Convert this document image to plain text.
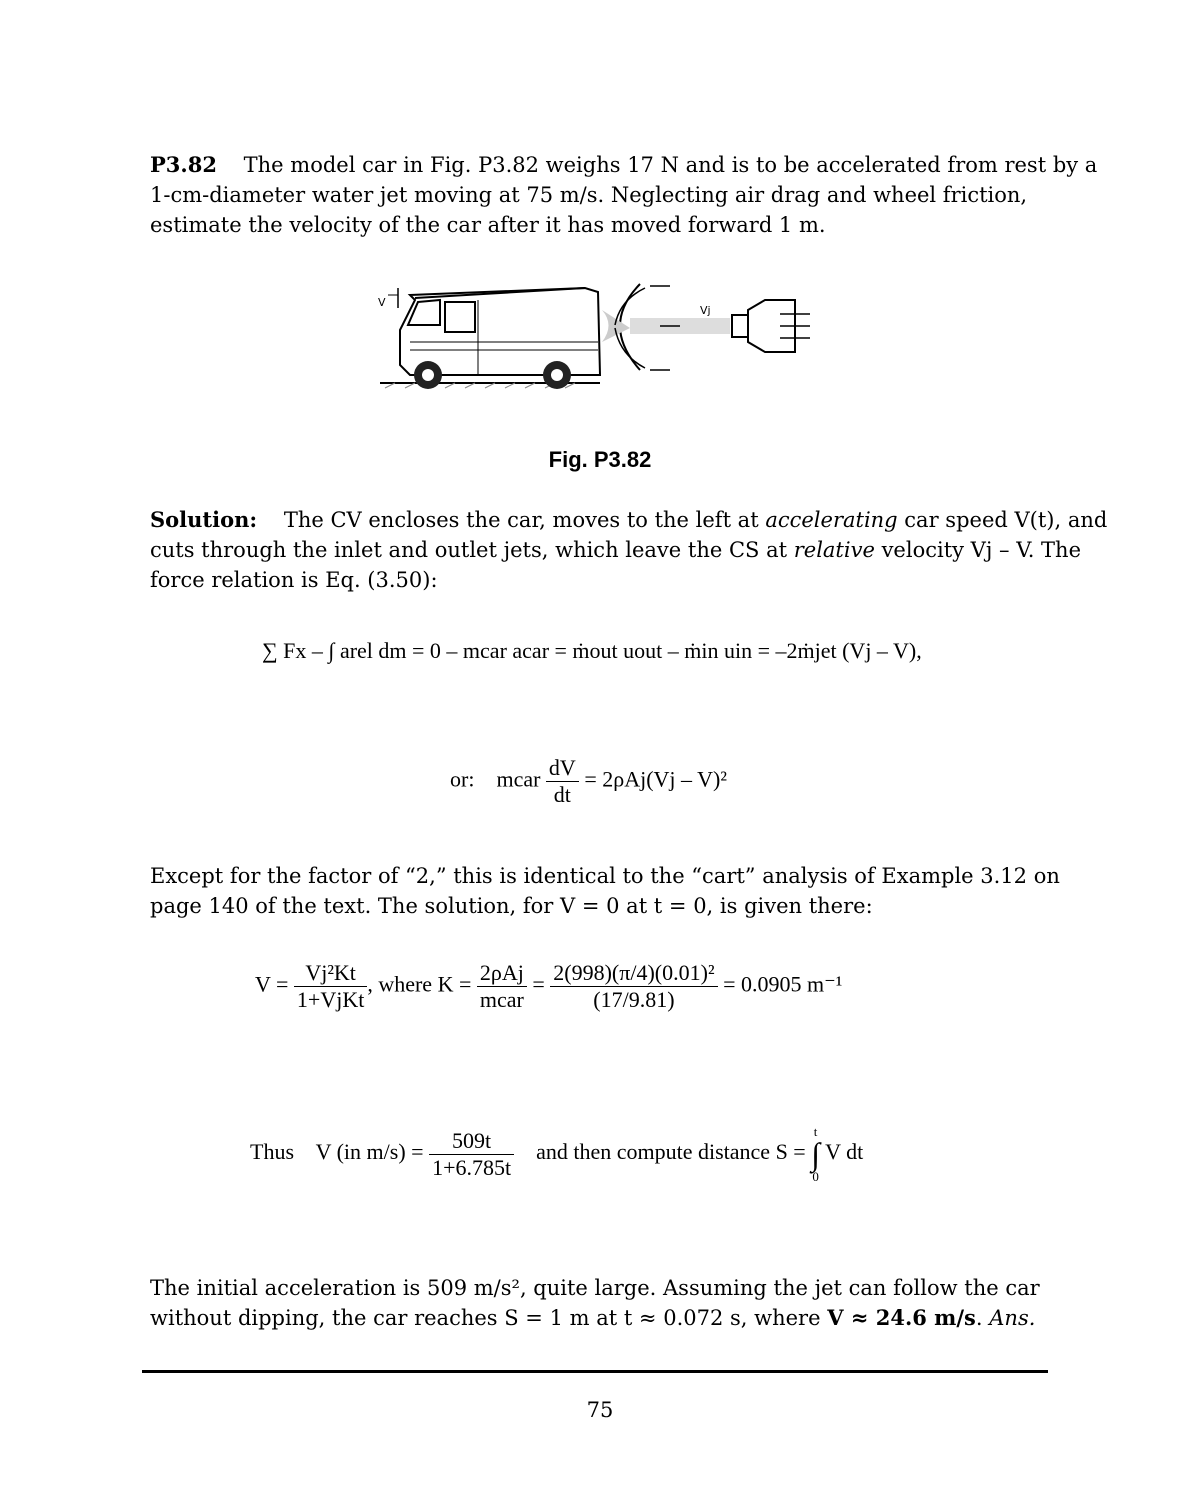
P3.82 The model car in Fig. P3.82 weighs 17 N and is to be accelerated from rest by a
1-cm-diameter water jet moving at 75 m/s. Neglecting air drag and wheel friction,
estimate the velocity of the car after it has moved forward 1 m.
V
Vj
Fig. P3.82
Solution: The CV encloses the car, moves to the left at accelerating car speed V(t), and
cuts through the inlet and outlet jets, which leave the CS at relative velocity Vj – V. The
force relation is Eq. (3.50):
∑ Fx – ∫ arel dm = 0 – mcar acar = ṁout uout – ṁin uin = –2ṁjet (Vj – V),
or: mcar $\frac{dV}{dt} = 2\rho Aj(Vj - V)^2$
Except for the factor of “2,” this is identical to the “cart” analysis of Example 3.12 on
page 140 of the text. The solution, for V = 0 at t = 0, is given there:
$V = \frac{\text{Vj²Kt}}{\text{1+VjKt}}$ , where $K = \frac{\text{2ρAj}}{\text{mcar}} = \frac{\text{2(998)(π/4)(0.01)²}}{(17/9.81)} = 0.0905$ m⁻¹
Thus V (in $m/s) = \frac{509t}{1+6.785t}$ and then compute distance S =
t
∫
0
V dt
The initial acceleration is 509 m/s², quite large. Assuming the jet can follow the car
without dipping, the car reaches S = 1 m at t ≈ 0.072 s, where V ≈ 24.6 m/s. Ans.
75
